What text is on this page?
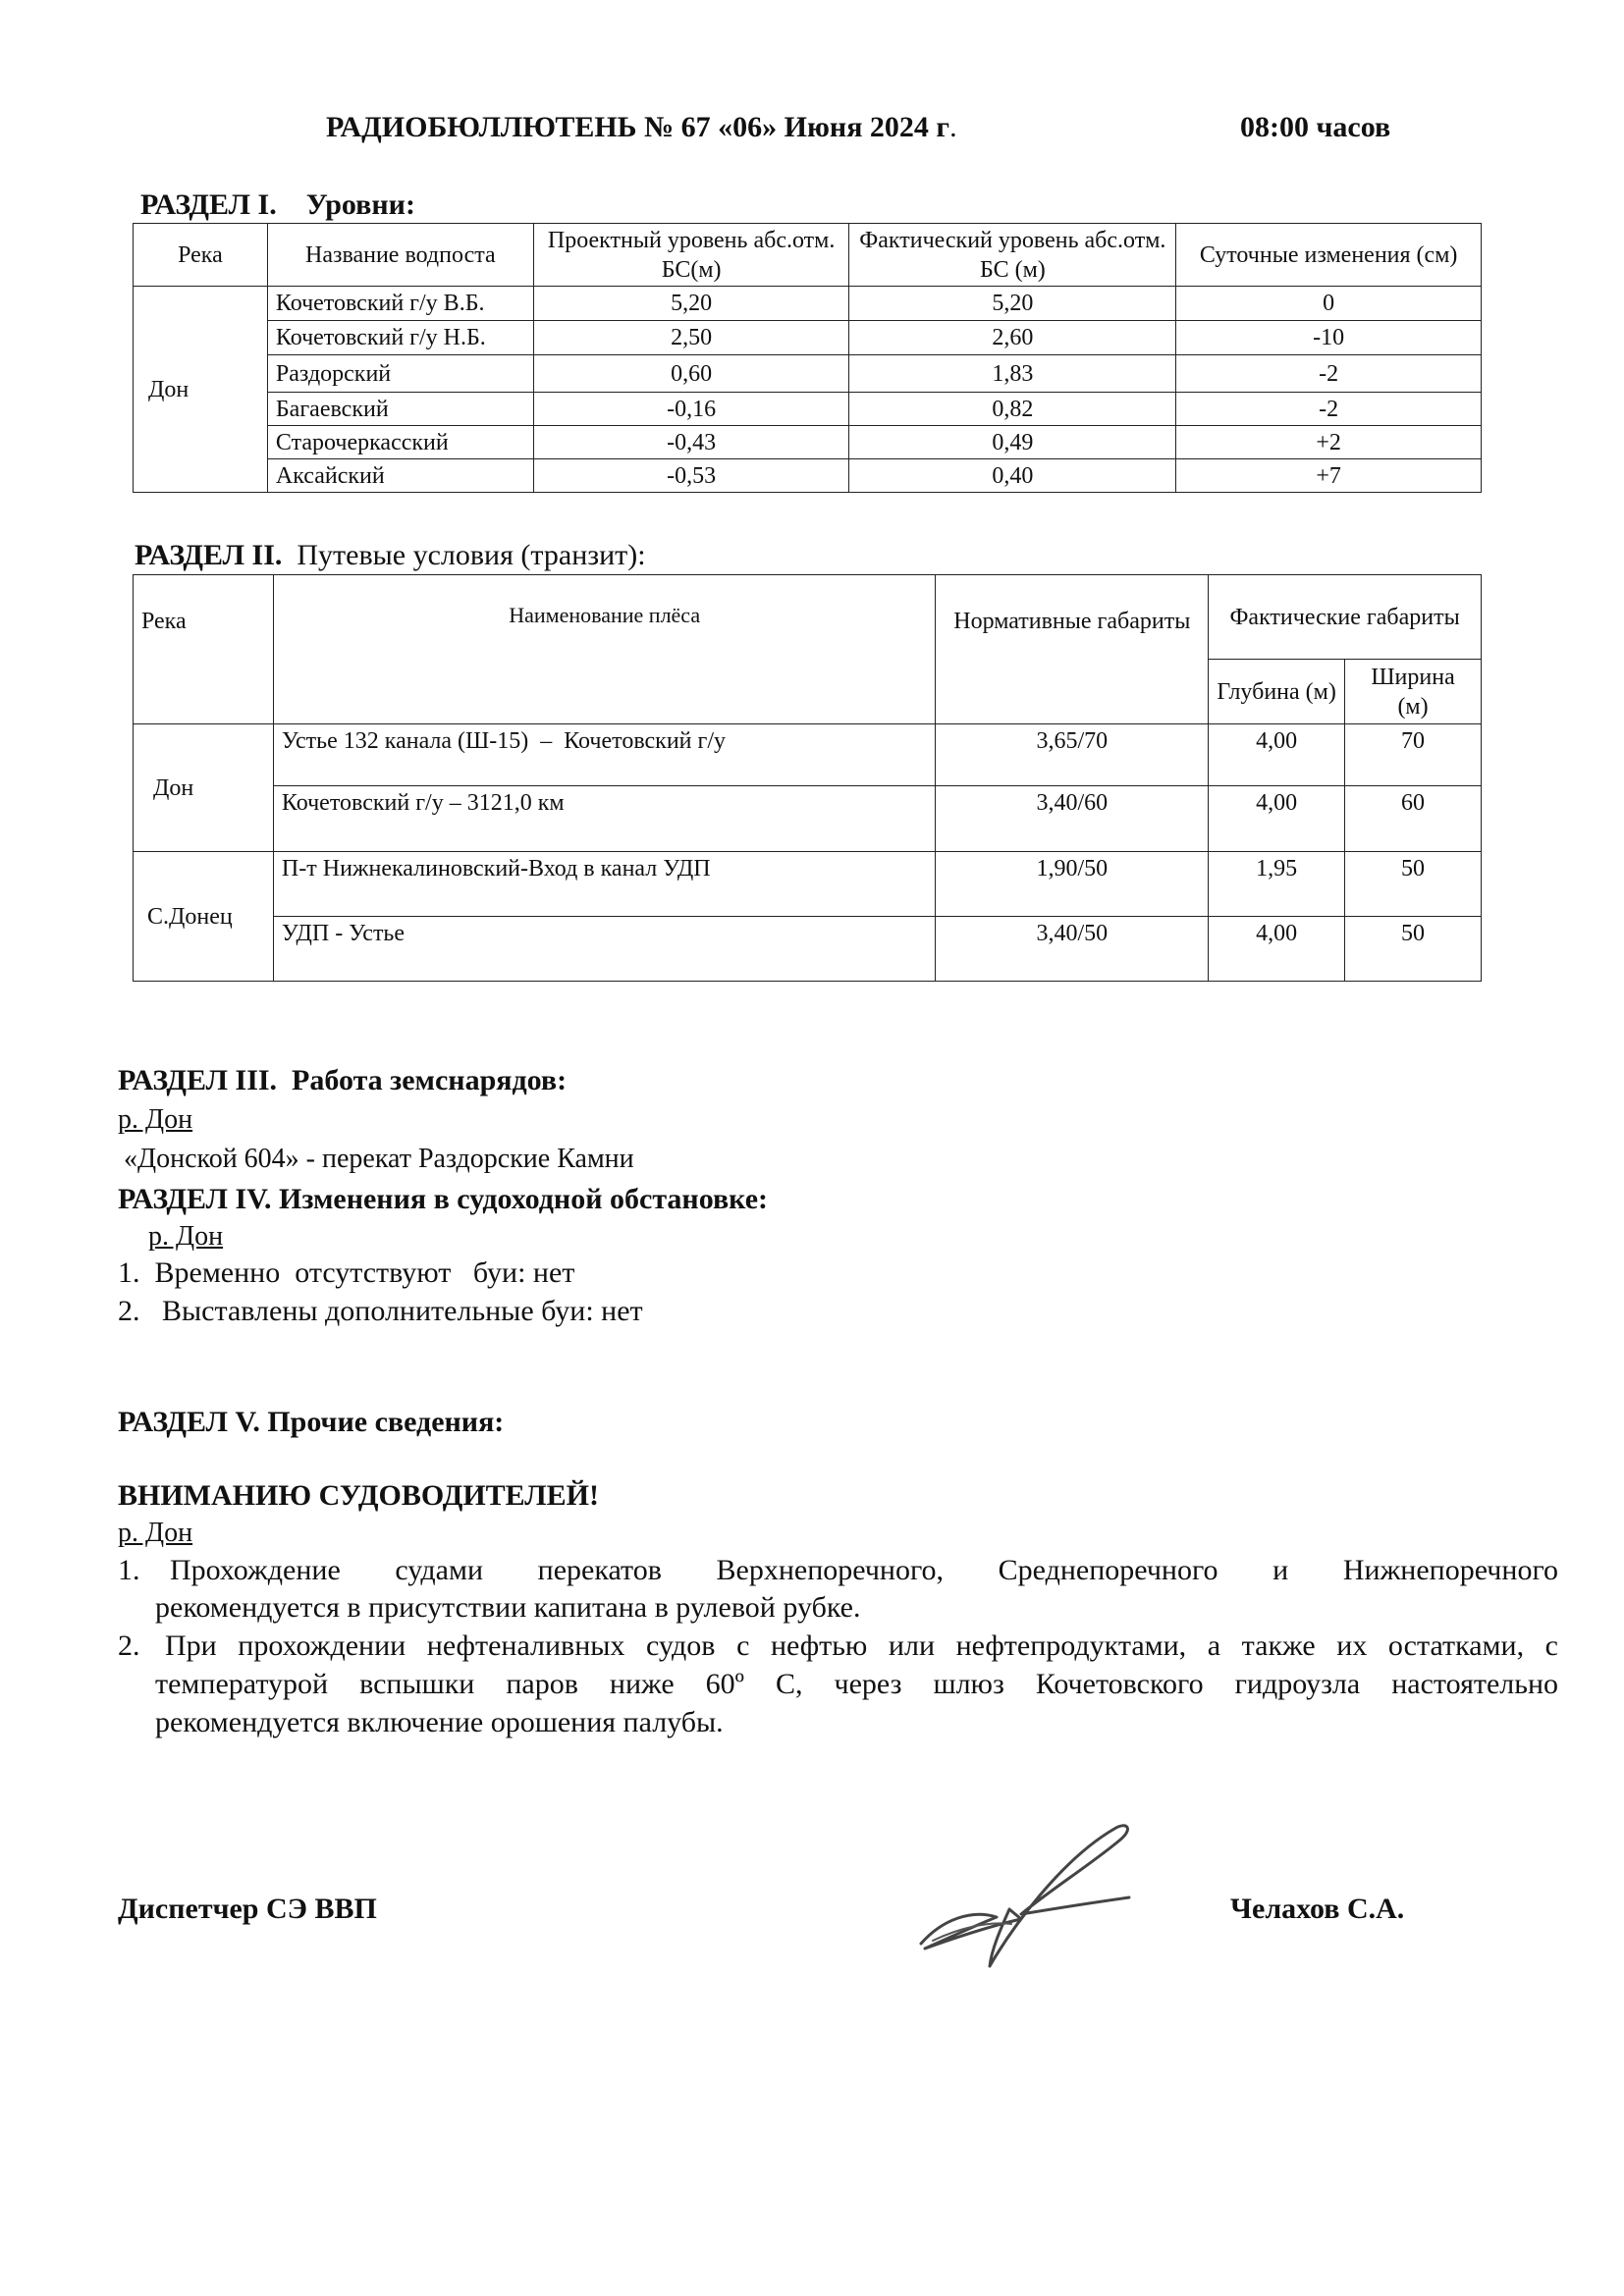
РАДИОБЮЛЛЮТЕНЬ № 67 «06» Июня 2024 г.	08:00 часов
РАЗДЕЛ I.    Уровни:
Река	Название водпоста	Проектный уровень абс.отм. БС(м)	Фактический уровень абс.отм. БС (м)	Суточные изменения (см)
Дон	Кочетовский г/у В.Б.	5,20	5,20	0
	Кочетовский г/у Н.Б.	2,50	2,60	-10
	Раздорский	0,60	1,83	-2
	Багаевский	-0,16	0,82	-2
	Старочеркасский	-0,43	0,49	+2
	Аксайский	-0,53	0,40	+7
РАЗДЕЛ II. Путевые условия (транзит):
Река	Наименование плёса	Нормативные габариты	Фактические габариты	
			Глубина (м)	Ширина (м)
Дон	Устье 132 канала (Ш-15)  –  Кочетовский г/у	3,65/70	4,00	70
	Кочетовский г/у – 3121,0 км	3,40/60	4,00	60
С.Донец	П-т Нижнекалиновский-Вход в канал УДП	1,90/50	1,95	50
	УДП - Устье	3,40/50	4,00	50
РАЗДЕЛ III.  Работа земснарядов:
р. Дон
«Донской 604» - перекат Раздорские Камни
РАЗДЕЛ IV. Изменения в судоходной обстановке:
р. Дон
1.  Временно  отсутствуют   буи: нет
2.   Выставлены дополнительные буи: нет
РАЗДЕЛ V. Прочие сведения:
ВНИМАНИЮ СУДОВОДИТЕЛЕЙ!
р. Дон
1. Прохождение судами перекатов Верхнепоречного, Среднепоречного и Нижнепоречного
рекомендуется в присутствии капитана в рулевой рубке.
2. При прохождении нефтеналивных судов с нефтью или нефтепродуктами, а также их остатками, с
температурой вспышки паров ниже 60º С, через шлюз Кочетовского гидроузла настоятельно
рекомендуется включение орошения палубы.
Диспетчер СЭ ВВП	Челахов С.А.
